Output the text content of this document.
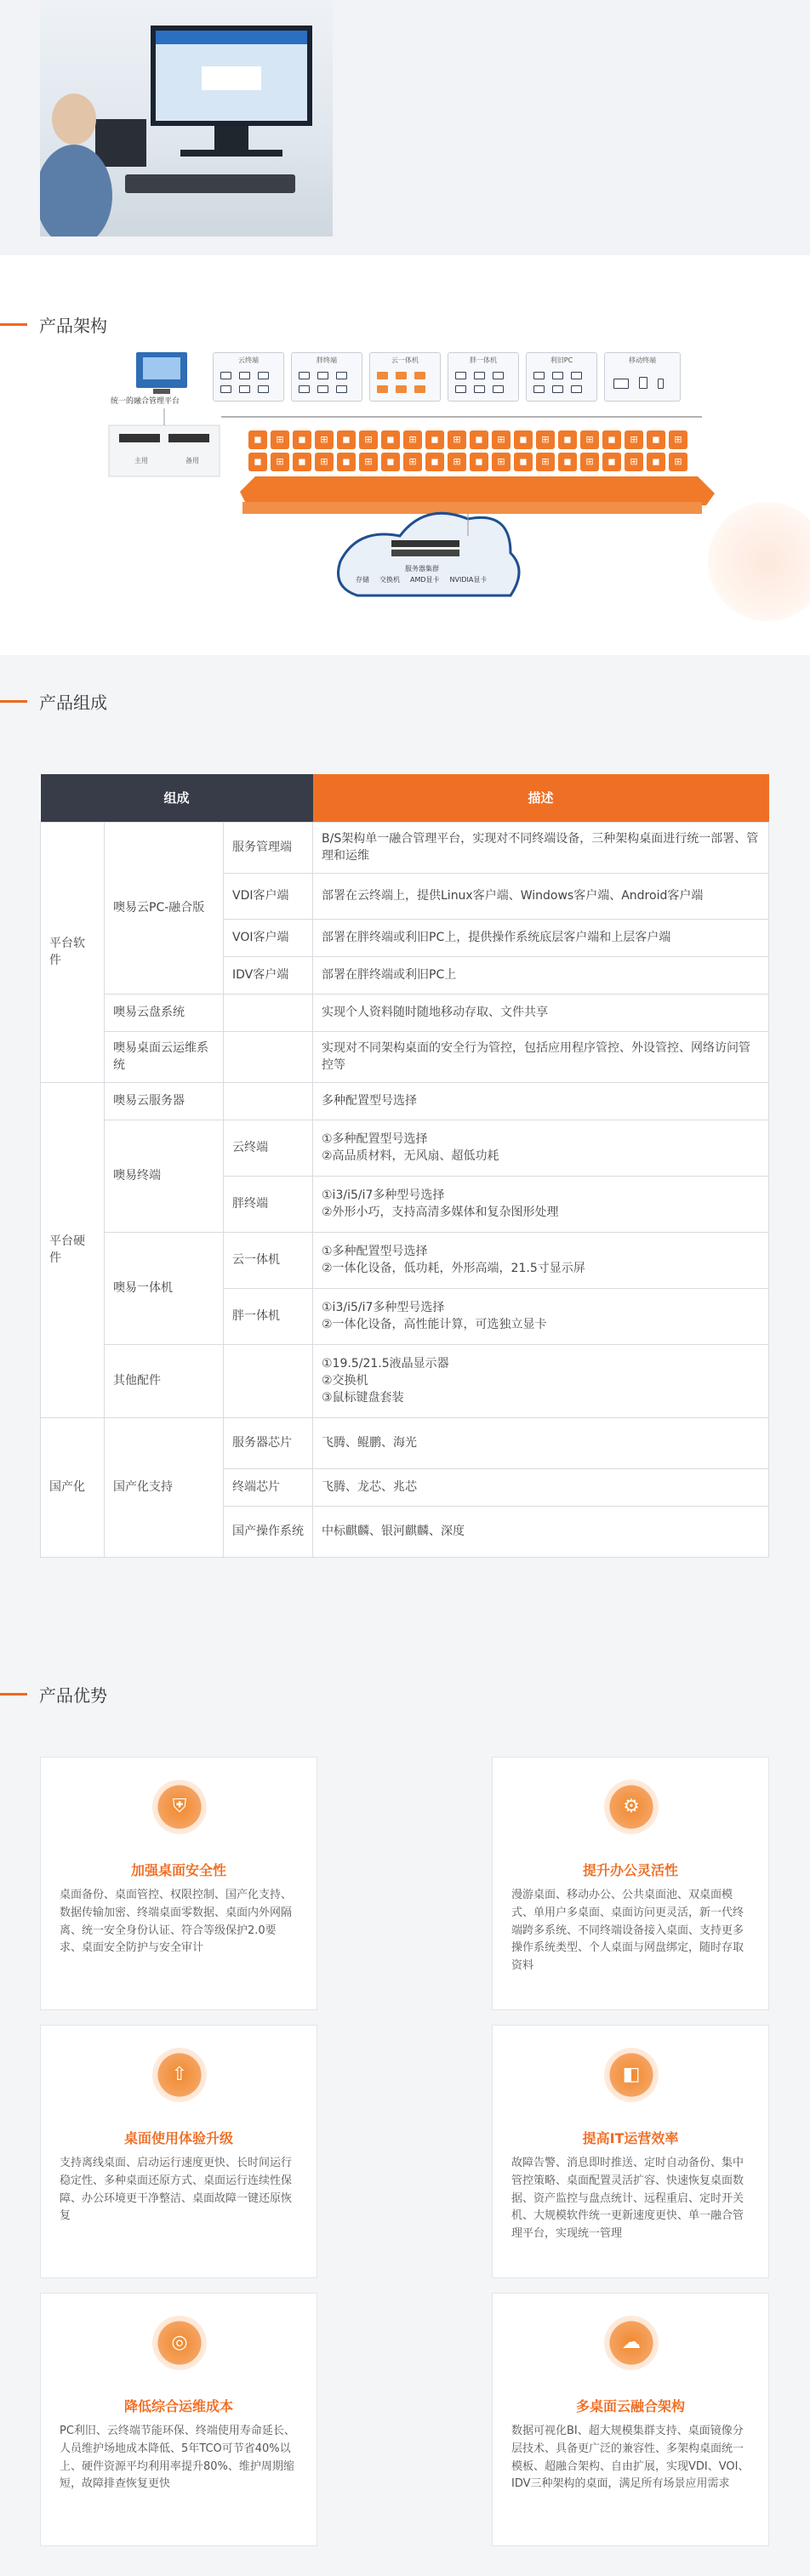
产品架构
统一的融合管理平台
主用	备用
云终端	胖终端	云一体机	胖一体机	利旧PC	移动终端
◼	⊞	◼	⊞	◼	⊞	◼	⊞	◼	⊞	◼	⊞	◼	⊞	◼	⊞	◼	⊞	◼	⊞
◼	⊞	◼	⊞	◼	⊞	◼	⊞	◼	⊞	◼	⊞	◼	⊞	◼	⊞	◼	⊞	◼	⊞
服务器集群
存储 交换机 AMD显卡 NVIDIA显卡
产品组成
组成			描述
平台软件	噢易云PC-融合版	服务管理端	B/S架构单一融合管理平台，实现对不同终端设备，三种架构桌面进行统一部署、管理和运维
		VDI客户端	部署在云终端上，提供Linux客户端、Windows客户端、Android客户端
		VOI客户端	部署在胖终端或利旧PC上，提供操作系统底层客户端和上层客户端
		IDV客户端	部署在胖终端或利旧PC上
	噢易云盘系统		实现个人资料随时随地移动存取、文件共享
	噢易桌面云运维系统		实现对不同架构桌面的安全行为管控，包括应用程序管控、外设管控、网络访问管控等
平台硬件	噢易云服务器		多种配置型号选择
	噢易终端	云终端	①多种配置型号选择
②高品质材料，无风扇、超低功耗
		胖终端	①i3/i5/i7多种型号选择
②外形小巧，支持高清多媒体和复杂图形处理
	噢易一体机	云一体机	①多种配置型号选择
②一体化设备，低功耗，外形高端，21.5寸显示屏
		胖一体机	①i3/i5/i7多种型号选择
②一体化设备，高性能计算，可选独立显卡
	其他配件		①19.5/21.5液晶显示器
②交换机
③鼠标键盘套装
国产化	国产化支持	服务器芯片	飞腾、鲲鹏、海光
		终端芯片	飞腾、龙芯、兆芯
		国产操作系统	中标麒麟、银河麒麟、深度
产品优势
⛨
加强桌面安全性
桌面备份、桌面管控、权限控制、国产化支持、数据传输加密、终端桌面零数据、桌面内外网隔离、统一安全身份认证、符合等级保护2.0要求、桌面安全防护与安全审计
⚙
提升办公灵活性
漫游桌面、移动办公、公共桌面池、双桌面模式、单用户多桌面、桌面访问更灵活，新一代终端跨多系统、不同终端设备接入桌面、支持更多操作系统类型、个人桌面与网盘绑定，随时存取资料
⇧
桌面使用体验升级
支持离线桌面、启动运行速度更快、长时间运行稳定性、多种桌面还原方式、桌面运行连续性保障、办公环境更干净整洁、桌面故障一键还原恢复
◧
提高IT运营效率
故障告警、消息即时推送、定时自动备份、集中管控策略、桌面配置灵活扩容、快速恢复桌面数据、资产监控与盘点统计、远程重启、定时开关机、大规模软件统一更新速度更快、单一融合管理平台，实现统一管理
◎
降低综合运维成本
PC利旧、云终端节能环保、终端使用寿命延长、人员维护场地成本降低、5年TCO可节省40%以上、硬件资源平均利用率提升80%、维护周期缩短，故障排查恢复更快
☁
多桌面云融合架构
数据可视化BI、超大规模集群支持、桌面镜像分层技术、具备更广泛的兼容性、多架构桌面统一模板、超融合架构、自由扩展，实现VDI、VOI、IDV三种架构的桌面，满足所有场景应用需求
